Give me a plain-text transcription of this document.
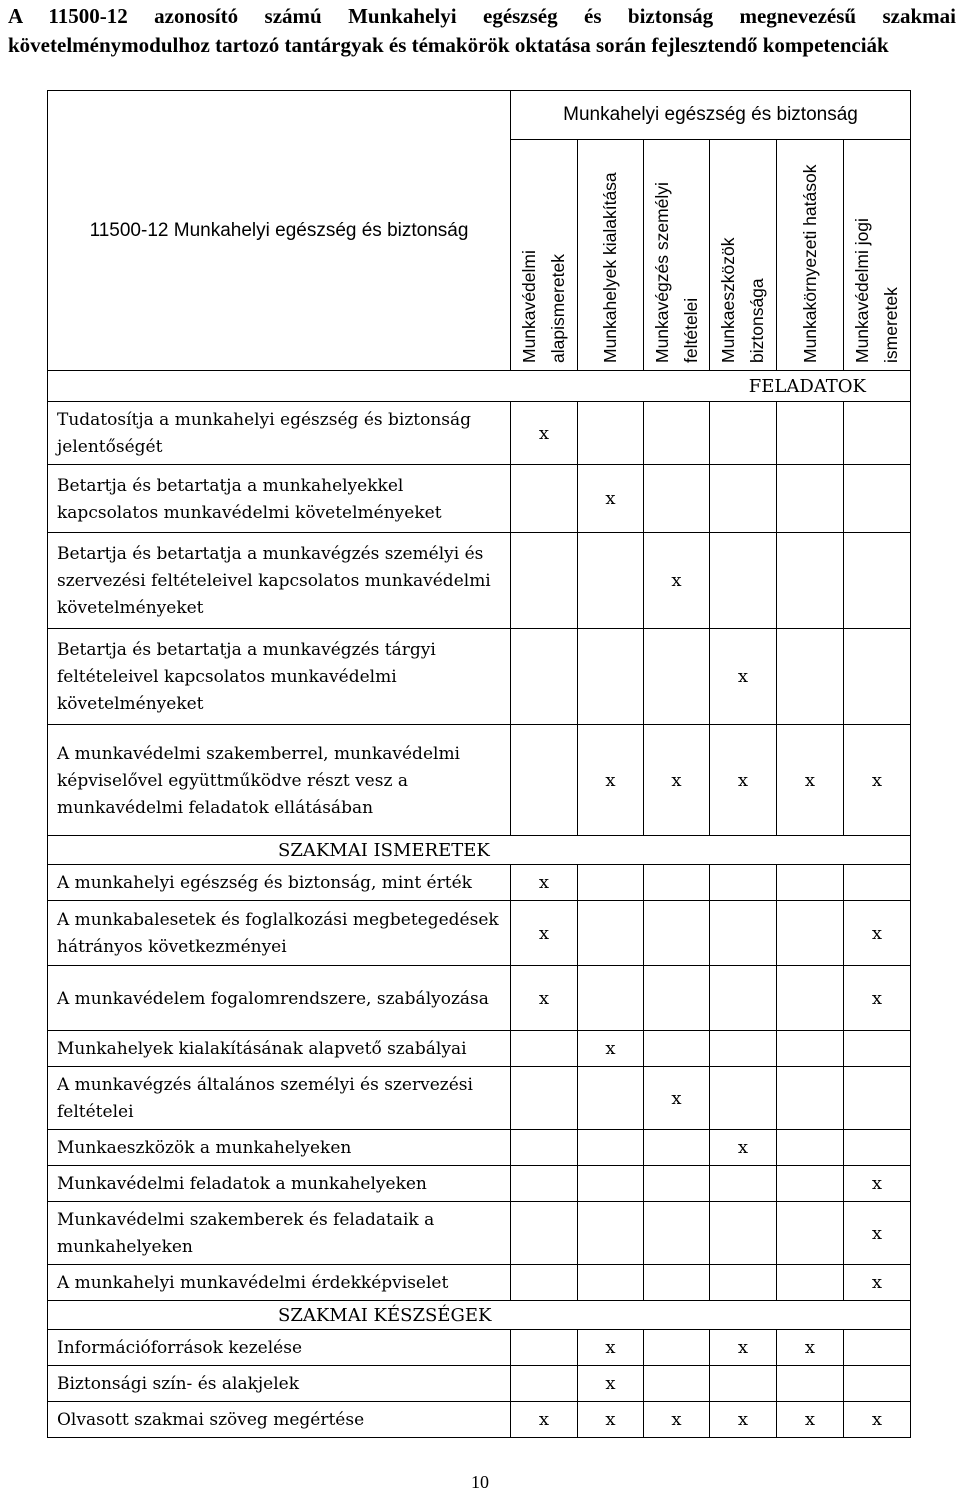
A 11500-12 azonosító számú Munkahelyi egészség és biztonság megnevezésű szakmai követelménymodulhoz tartozó tantárgyak és témakörök oktatása során fejlesztendő kompetenciák
11500-12 Munkahelyi egészség és biztonság	Munkahelyi egészség és biztonság					
	Munkavédelmi alapismeretek	Munkahelyek kialakítása	Munkavégzés személyi feltételei	Munkaeszközök biztonsága	Munkakörnyezeti hatások	Munkavédelmi jogi ismeretek
FELADATOK						
Tudatosítja a munkahelyi egészség és biztonság jelentőségét	x					
Betartja és betartatja a munkahelyekkel kapcsolatos munkavédelmi követelményeket		x				
Betartja és betartatja a munkavégzés személyi és szervezési feltételeivel kapcsolatos munkavédelmi követelményeket			x			
Betartja és betartatja a munkavégzés tárgyi feltételeivel kapcsolatos munkavédelmi követelményeket				x		
A munkavédelmi szakemberrel, munkavédelmi képviselővel együttműködve részt vesz a munkavédelmi feladatok ellátásában		x	x	x	x	x
SZAKMAI ISMERETEK						
A munkahelyi egészség és biztonság, mint érték	x					
A munkabalesetek és foglalkozási megbetegedések hátrányos következményei	x					x
A munkavédelem fogalomrendszere, szabályozása	x					x
Munkahelyek kialakításának alapvető szabályai		x				
A munkavégzés általános személyi és szervezési feltételei			x			
Munkaeszközök a munkahelyeken				x		
Munkavédelmi feladatok a munkahelyeken						x
Munkavédelmi szakemberek és feladataik a munkahelyeken						x
A munkahelyi munkavédelmi érdekképviselet						x
SZAKMAI KÉSZSÉGEK						
Információforrások kezelése		x		x	x	
Biztonsági szín- és alakjelek		x				
Olvasott szakmai szöveg megértése	x	x	x	x	x	x
10
